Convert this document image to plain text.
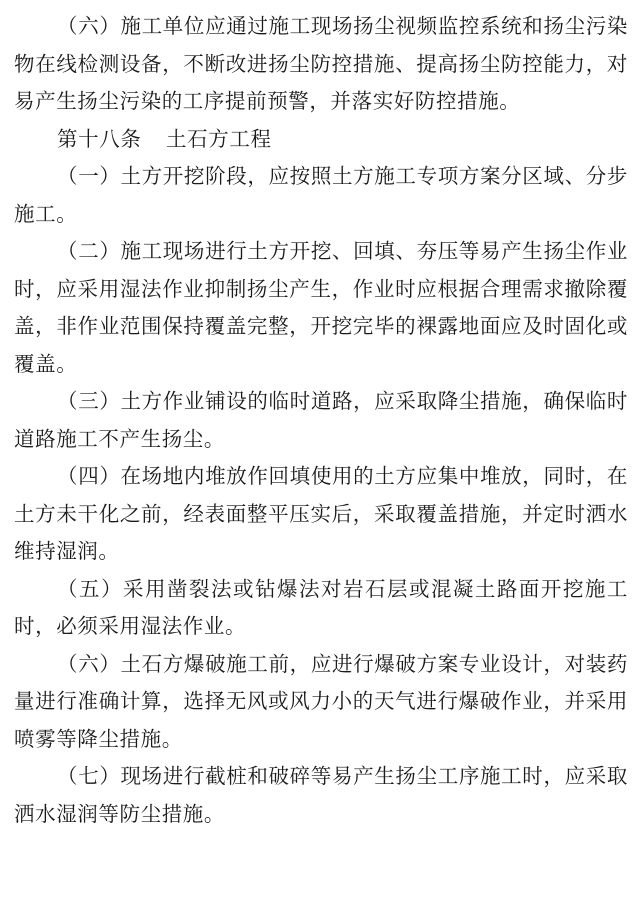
（六）施工单位应通过施工现场扬尘视频监控系统和扬尘污染物在线检测设备，不断改进扬尘防控措施、提高扬尘防控能力，对易产生扬尘污染的工序提前预警，并落实好防控措施。

第十八条 土石方工程

（一）土方开挖阶段，应按照土方施工专项方案分区域、分步施工。

（二）施工现场进行土方开挖、回填、夯压等易产生扬尘作业时，应采用湿法作业抑制扬尘产生，作业时应根据合理需求撤除覆盖，非作业范围保持覆盖完整，开挖完毕的裸露地面应及时固化或覆盖。

（三）土方作业铺设的临时道路，应采取降尘措施，确保临时道路施工不产生扬尘。

（四）在场地内堆放作回填使用的土方应集中堆放，同时，在土方未干化之前，经表面整平压实后，采取覆盖措施，并定时洒水维持湿润。

（五）采用凿裂法或钻爆法对岩石层或混凝土路面开挖施工时，必须采用湿法作业。

（六）土石方爆破施工前，应进行爆破方案专业设计，对装药量进行准确计算，选择无风或风力小的天气进行爆破作业，并采用喷雾等降尘措施。

（七）现场进行截桩和破碎等易产生扬尘工序施工时，应采取洒水湿润等防尘措施。
